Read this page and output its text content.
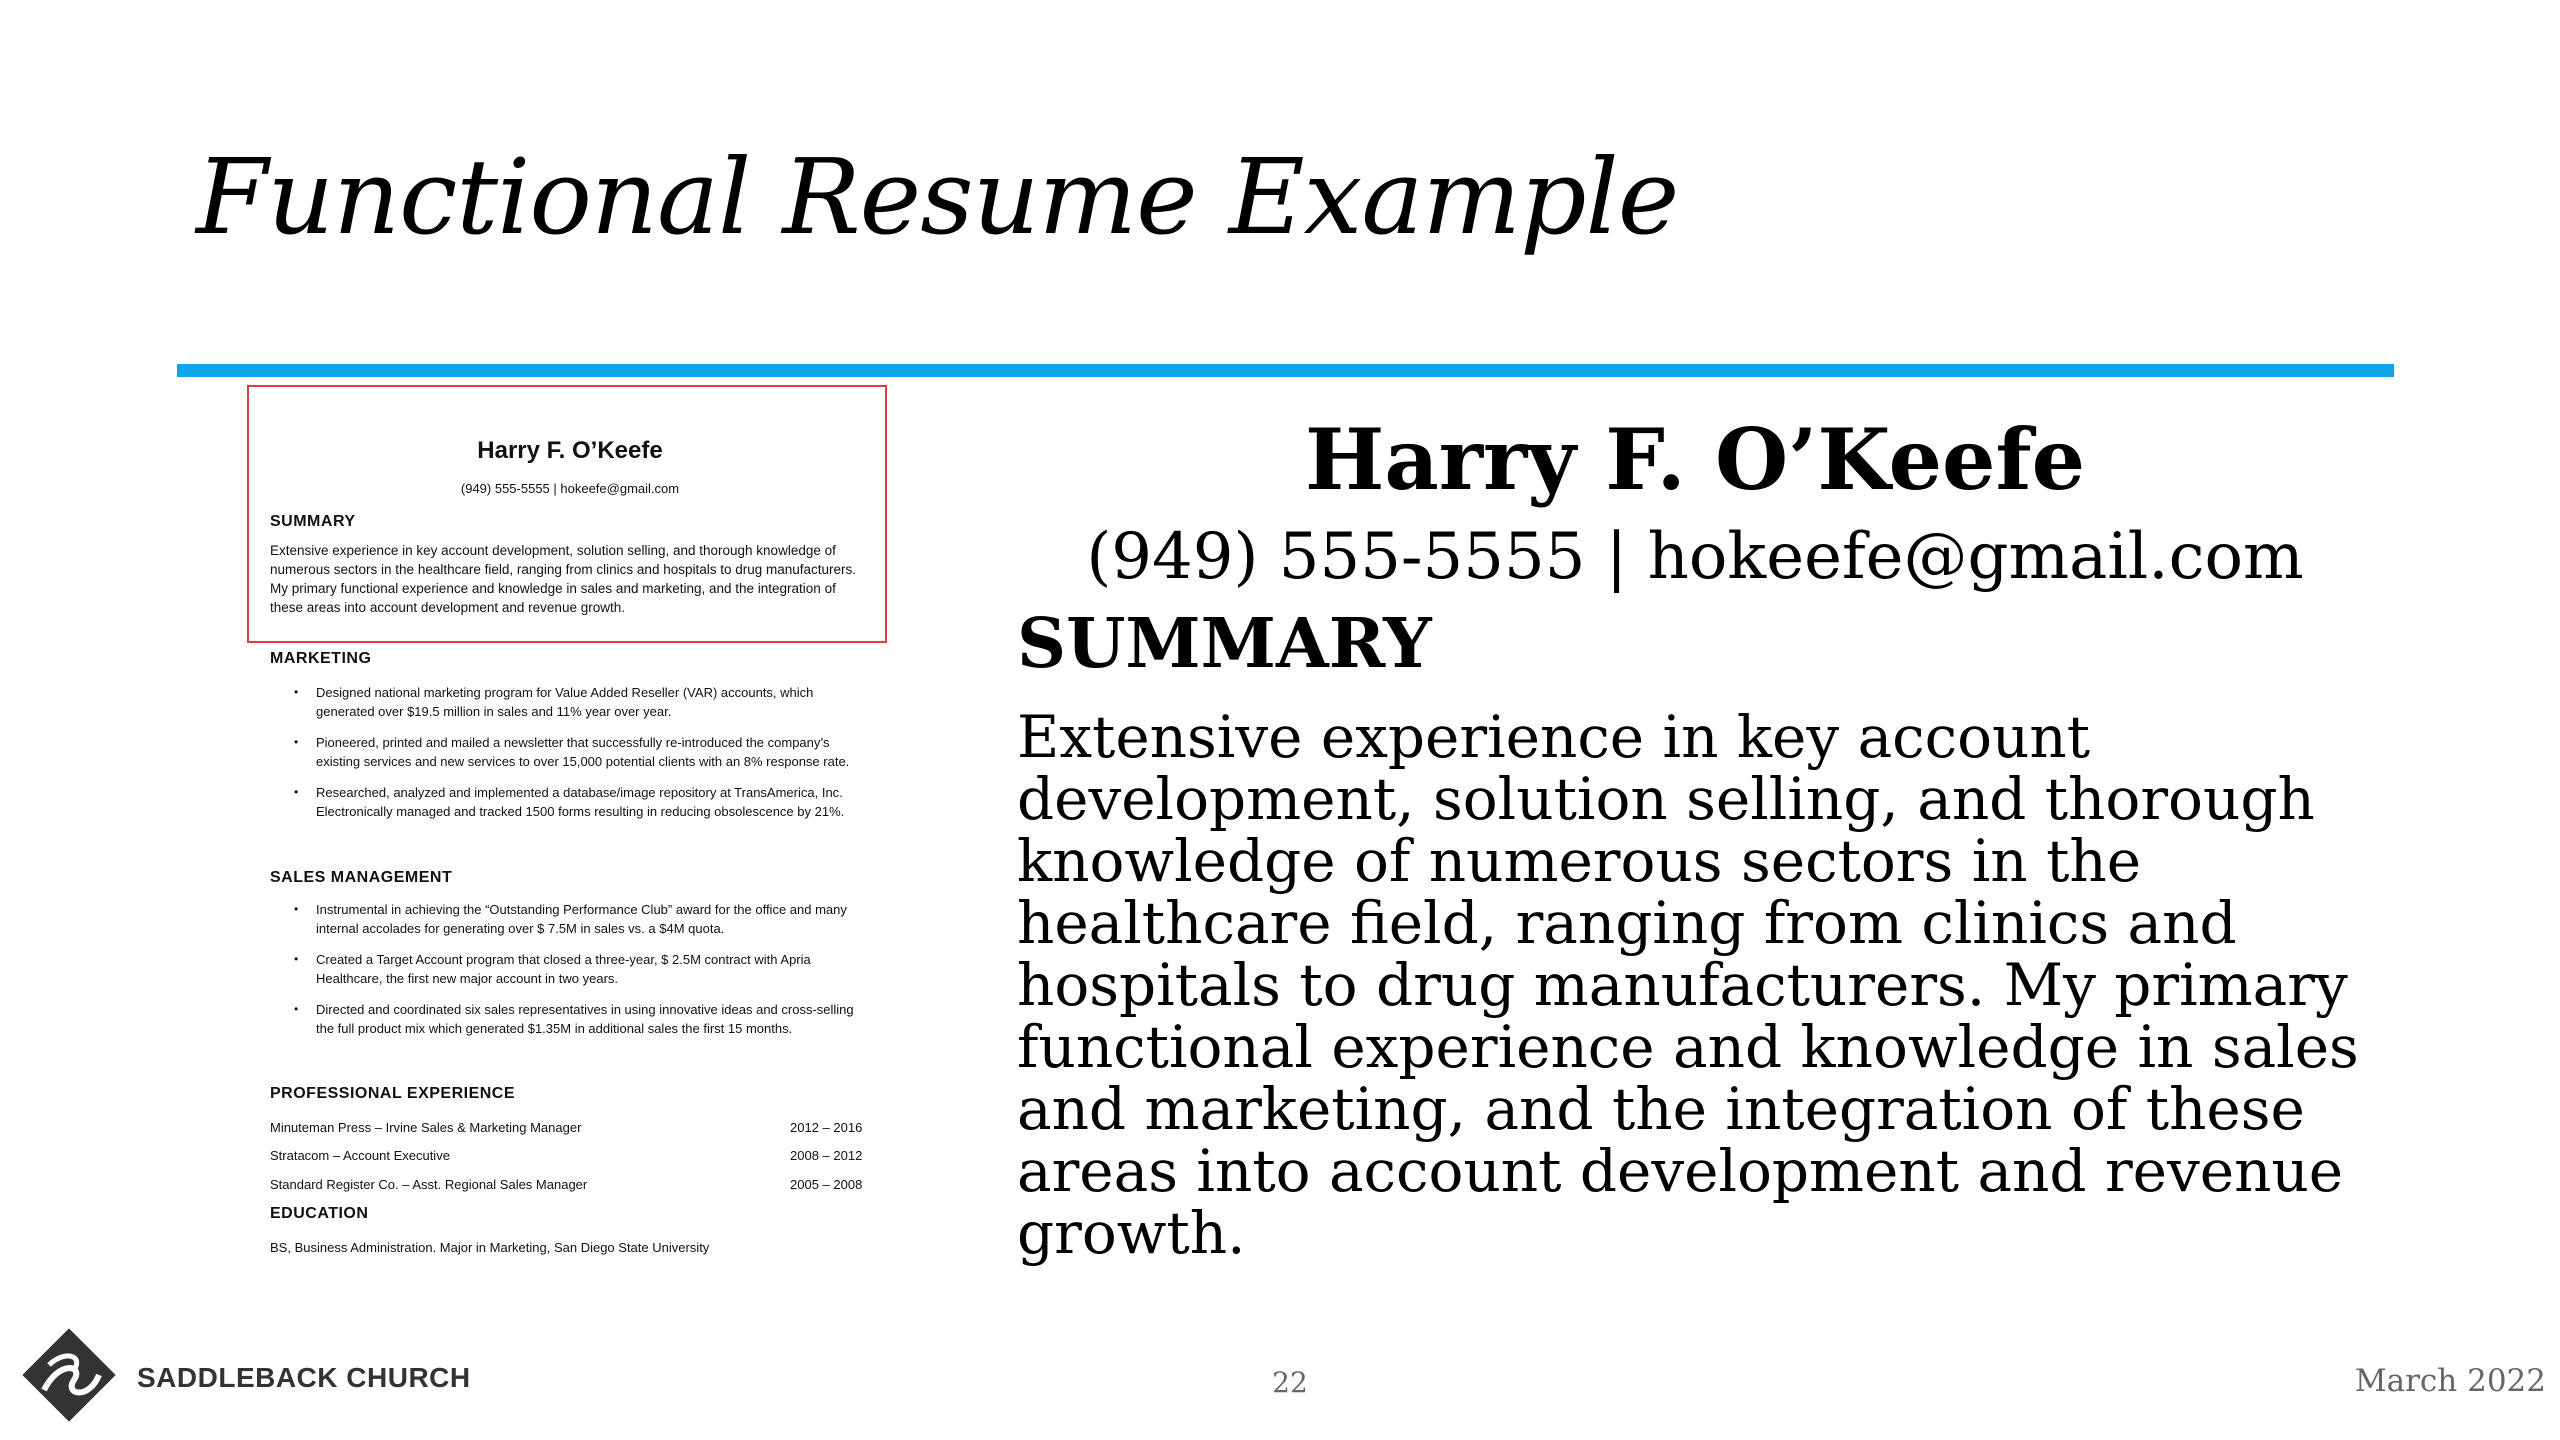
Functional Resume Example
Harry F. O’Keefe
(949) 555-5555 | hokeefe@gmail.com
SUMMARY
Extensive experience in key account development, solution selling, and thorough knowledge of numerous sectors in the healthcare field, ranging from clinics and hospitals to drug manufacturers. My primary functional experience and knowledge in sales and marketing, and the integration of these areas into account development and revenue growth.
MARKETING
• Designed national marketing program for Value Added Reseller (VAR) accounts, which generated over $19.5 million in sales and 11% year over year.
• Pioneered, printed and mailed a newsletter that successfully re-introduced the company’s existing services and new services to over 15,000 potential clients with an 8% response rate.
• Researched, analyzed and implemented a database/image repository at TransAmerica, Inc. Electronically managed and tracked 1500 forms resulting in reducing obsolescence by 21%.
SALES MANAGEMENT
• Instrumental in achieving the “Outstanding Performance Club” award for the office and many internal accolades for generating over $ 7.5M in sales vs. a $4M quota.
• Created a Target Account program that closed a three-year, $ 2.5M contract with Apria Healthcare, the first new major account in two years.
• Directed and coordinated six sales representatives in using innovative ideas and cross-selling the full product mix which generated $1.35M in additional sales the first 15 months.
PROFESSIONAL EXPERIENCE
Minuteman Press – Irvine Sales & Marketing Manager	2012 – 2016
Stratacom – Account Executive	2008 – 2012
Standard Register Co. – Asst. Regional Sales Manager	2005 – 2008
EDUCATION
BS, Business Administration. Major in Marketing, San Diego State University
Harry F. O’Keefe
(949) 555-5555 | hokeefe@gmail.com
SUMMARY

Extensive experience in key account development, solution selling, and thorough knowledge of numerous sectors in the healthcare field, ranging from clinics and hospitals to drug manufacturers. My primary functional experience and knowledge in sales and marketing, and the integration of these areas into account development and revenue growth.

SADDLEBACK CHURCH	22	March 2022
